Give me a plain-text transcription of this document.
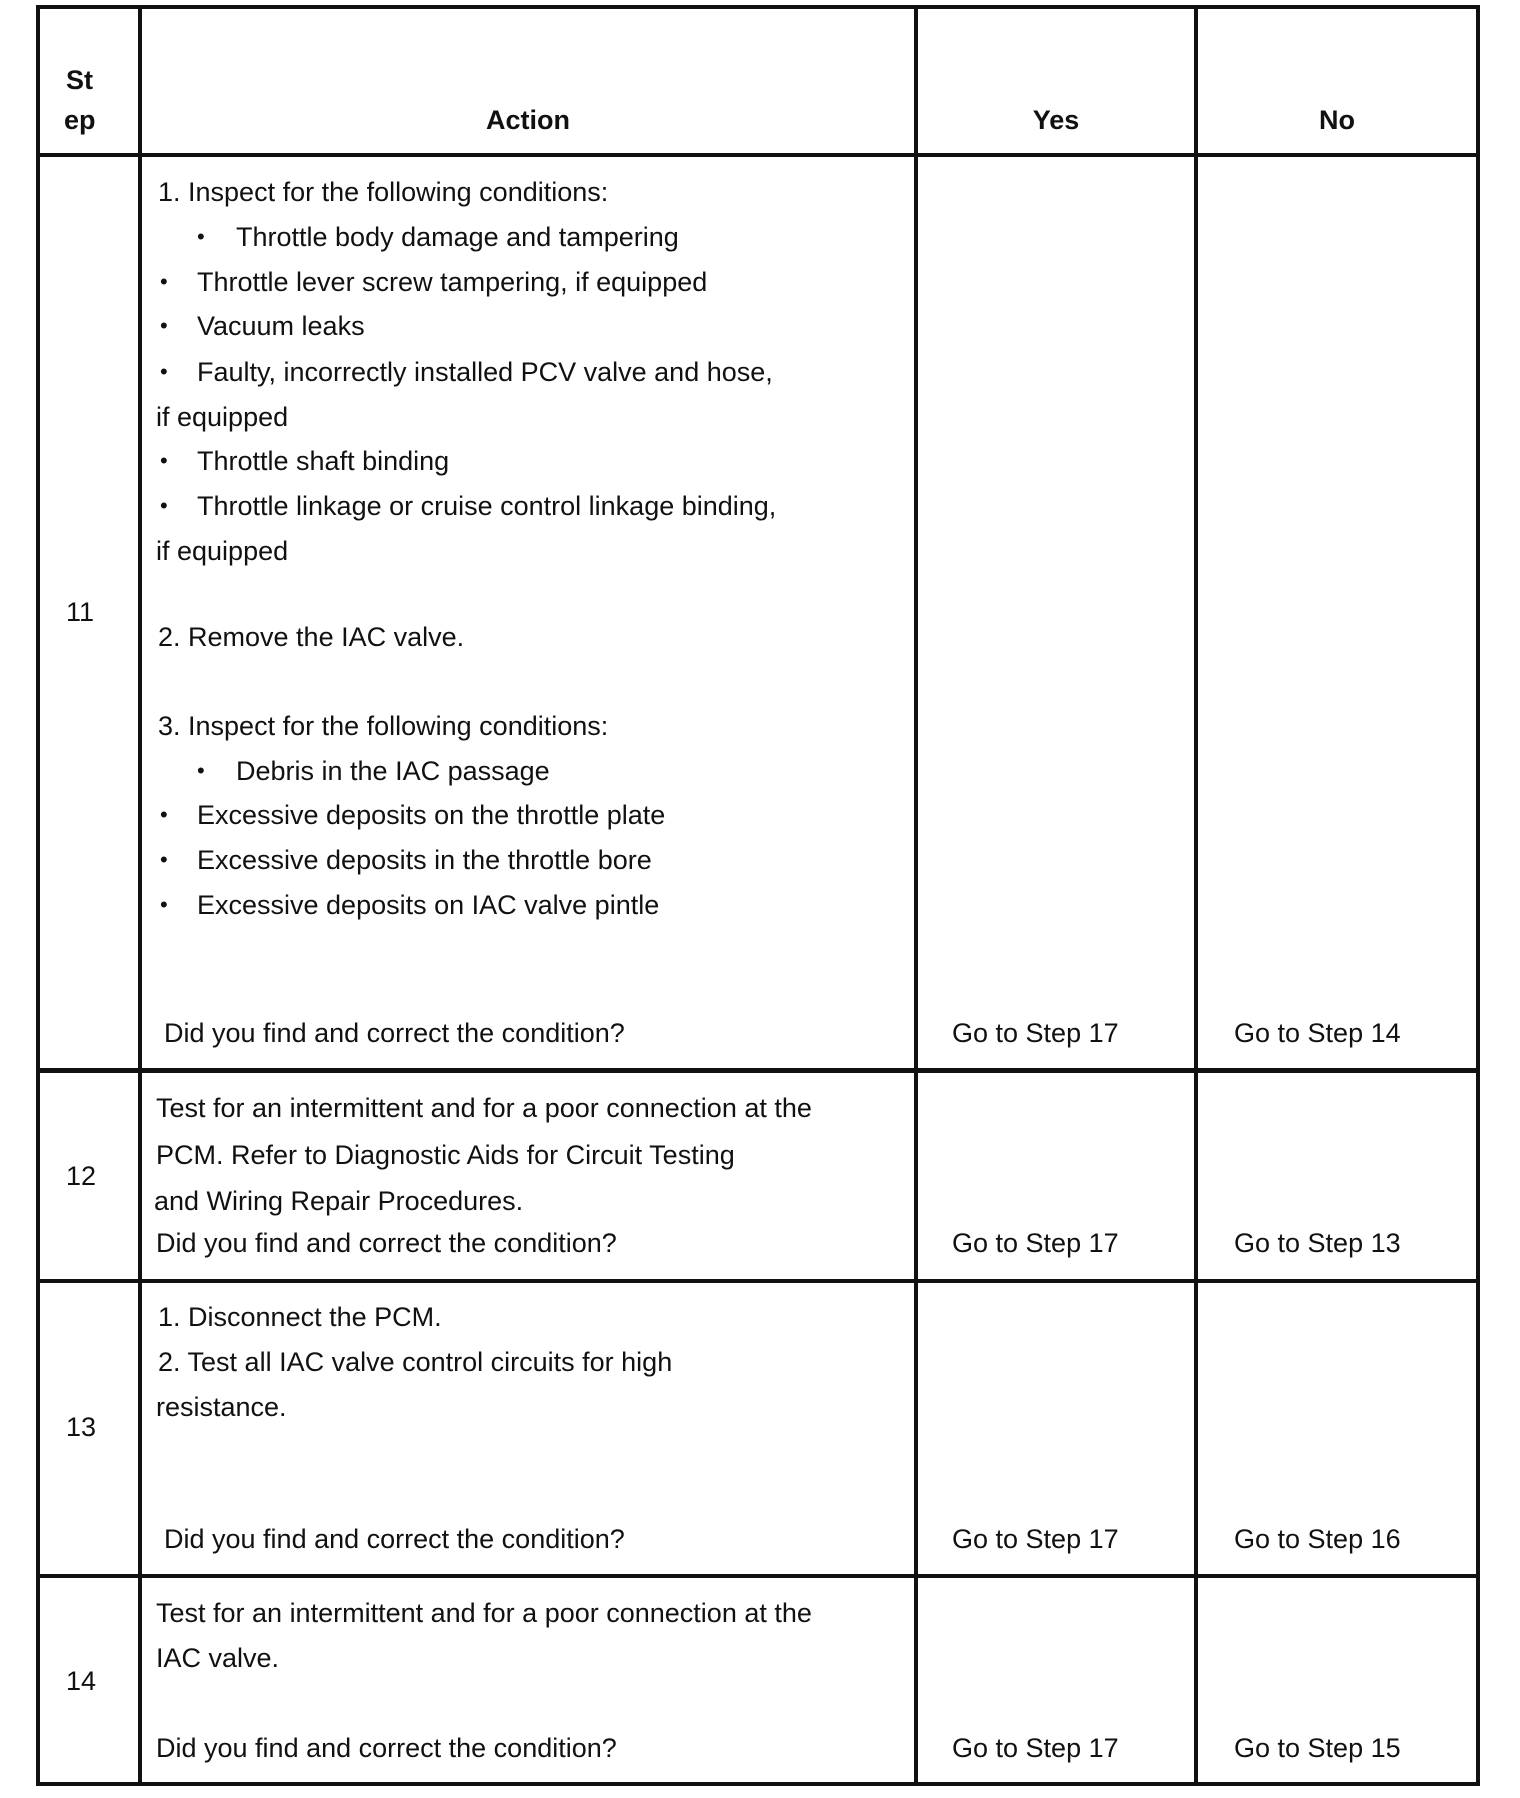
St
ep	Action	Yes	No
11
1. Inspect for the following conditions:
• Throttle body damage and tampering
• Throttle lever screw tampering, if equipped
• Vacuum leaks
• Faulty, incorrectly installed PCV valve and hose,
if equipped
• Throttle shaft binding
• Throttle linkage or cruise control linkage binding,
if equipped
2. Remove the IAC valve.
3. Inspect for the following conditions:
• Debris in the IAC passage
• Excessive deposits on the throttle plate
• Excessive deposits in the throttle bore
• Excessive deposits on IAC valve pintle
Did you find and correct the condition?	Go to Step 17	Go to Step 14
12
Test for an intermittent and for a poor connection at the
PCM. Refer to Diagnostic Aids for Circuit Testing
and Wiring Repair Procedures.
Did you find and correct the condition?	Go to Step 17	Go to Step 13
13
1. Disconnect the PCM.
2. Test all IAC valve control circuits for high
resistance.
Did you find and correct the condition?	Go to Step 17	Go to Step 16
14
Test for an intermittent and for a poor connection at the
IAC valve.
Did you find and correct the condition?	Go to Step 17	Go to Step 15
